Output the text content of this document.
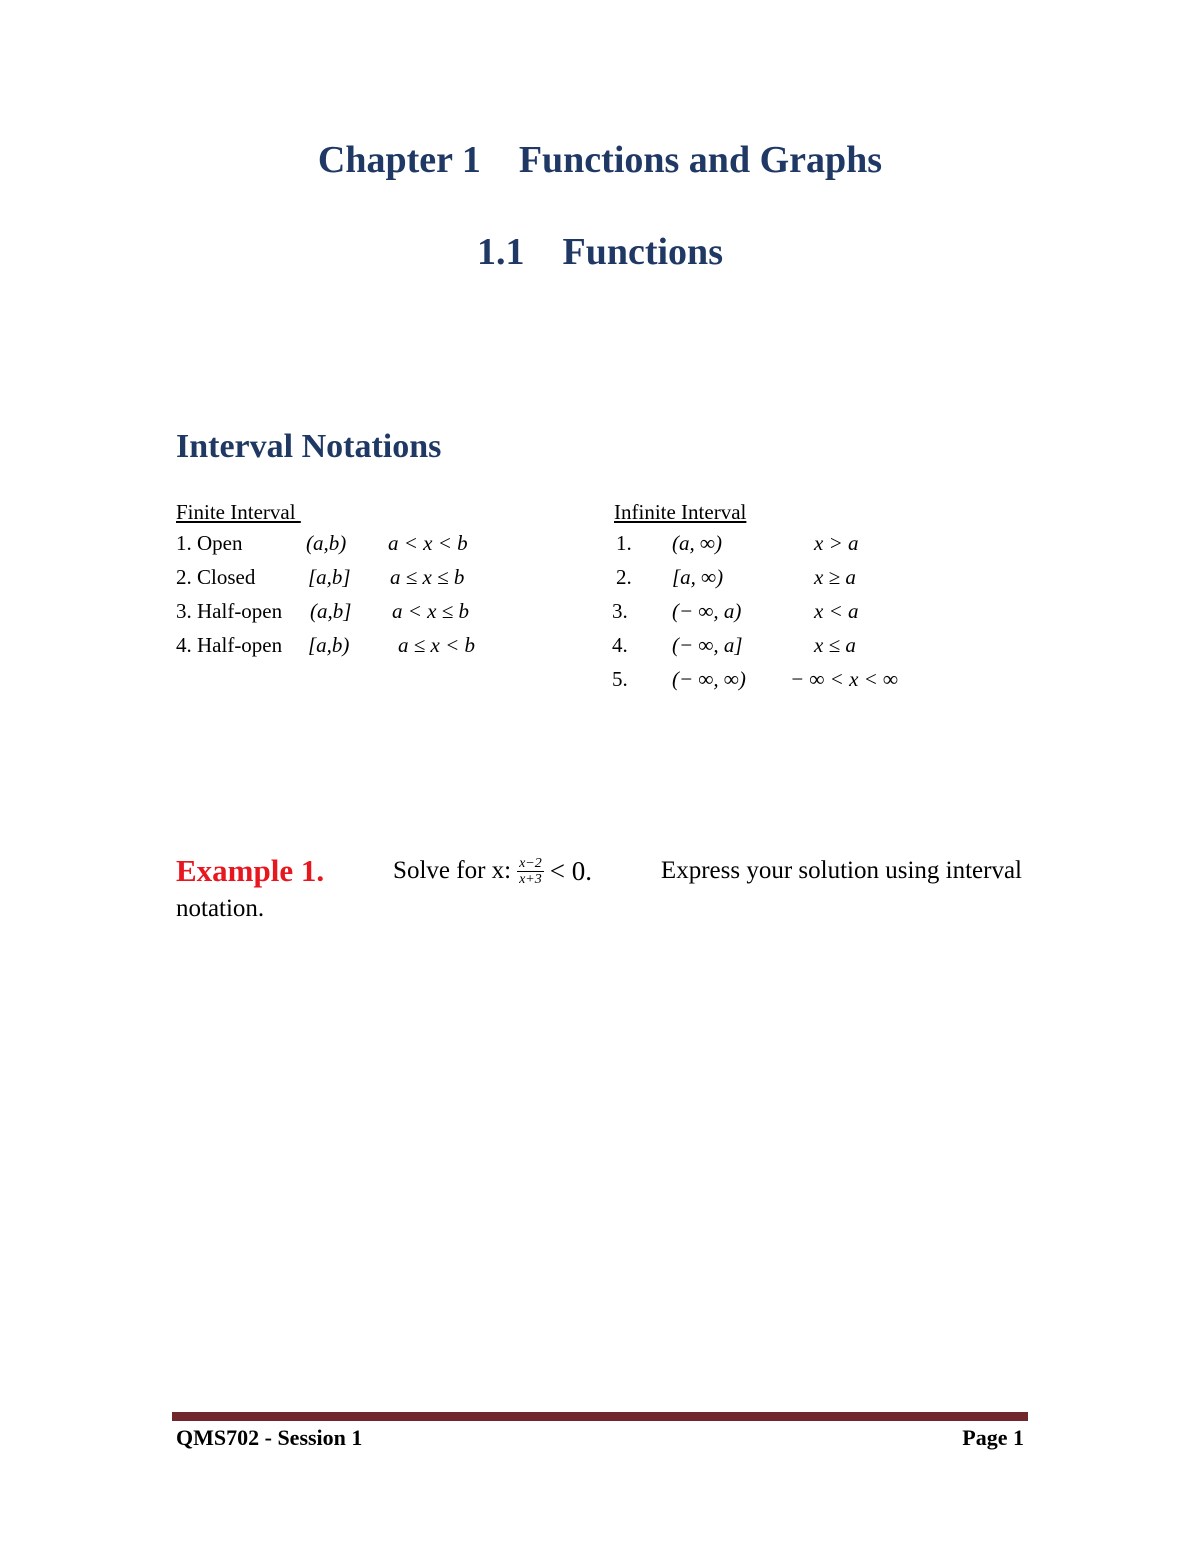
Chapter 1    Functions and Graphs
1.1    Functions
Interval Notations
Finite Interval
1. Open	(a,b) a < x < b
2. Closed	[a,b] a ≤ x ≤ b
3. Half-open (a,b] a < x ≤ b
4. Half-open [a,b) a ≤ x < b
Infinite Interval
1. (a, ∞)	x > a
2. [a, ∞)	x ≥ a
3. (− ∞, a)	x < a
4. (− ∞, a]	x ≤ a
5. (− ∞, ∞) − ∞ < x < ∞
Example 1.	Solve for x: $\frac{x-2}{x+3} < 0$.	Express your solution using interval
notation.
QMS702 - Session 1	Page 1
